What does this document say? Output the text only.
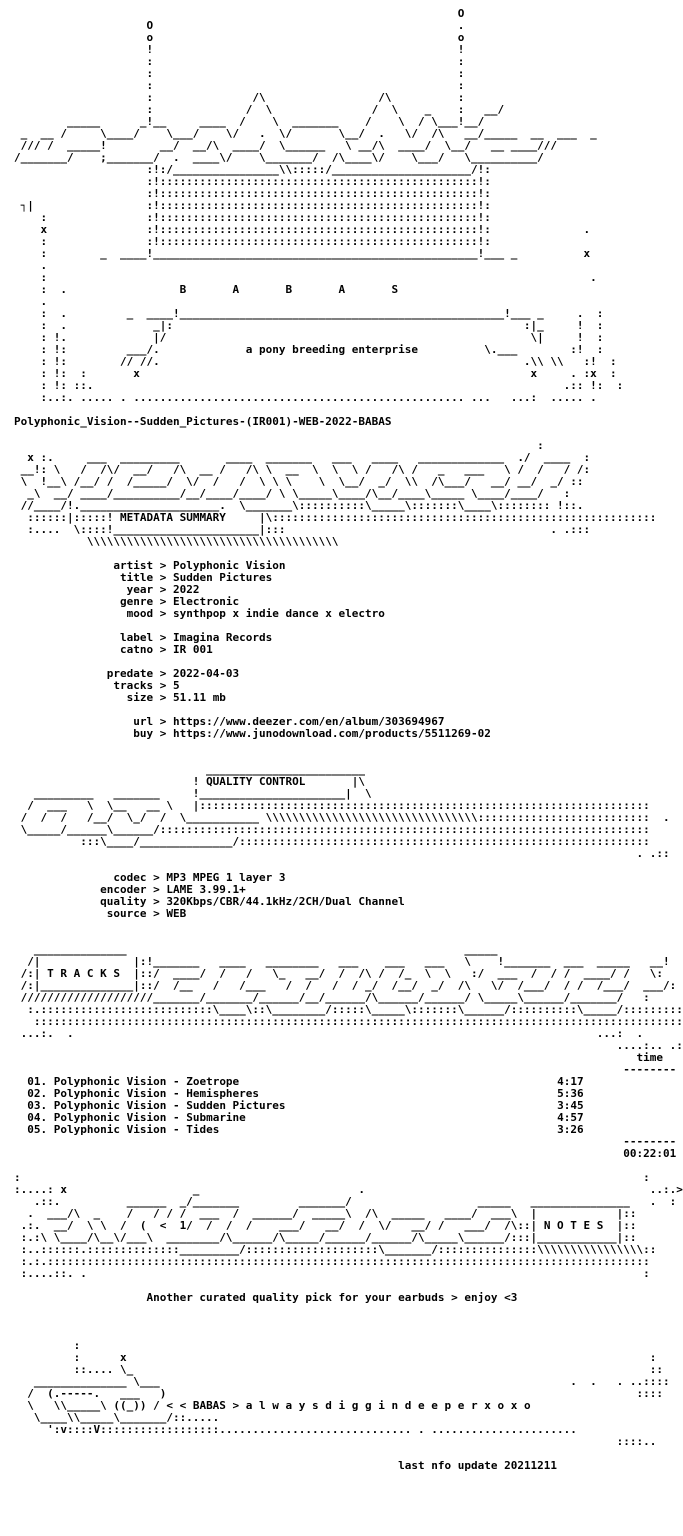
O
O                                              .
o                                              o
!                                              !
:                                              :
:                                              :
:                                              :
:               /\                 /\          :
:              /  \               /  \    _    :   __/
_____      _!__     ____  /    \  _______    /    \  / \___!__/
_  __ /     \____/    \___/    \/   .  \/       \__/  .   \/  /\   __/_____  __  ___  _
/// /  _____!        __/  __/\  ____/  \______   \ __/\  ____/  \__/   __ ____///
/_______/    ;_______/  .  ____\/    \_______/  /\____\/    \___/   \__________/
:!:/________________\\:::::/_____________________/!:
:!::::::::::::::::::::::::::::::::::::::::::::::::!:
:!::::::::::::::::::::::::::::::::::::::::::::::::!:
┐|                 :!::::::::::::::::::::::::::::::::::::::::::::::::!:
:               :!::::::::::::::::::::::::::::::::::::::::::::::::!:
x               :!::::::::::::::::::::::::::::::::::::::::::::::::!:              .
:               :!::::::::::::::::::::::::::::::::::::::::::::::::!:
:        _  ____!_________________________________________________!___ _          x
.
:                                                                                  .
:  .	B       A       B       A       S
.
:  .         _  ____!_________________________________________________!___ _     .  :
:  .             _|:                                                     :|_     !  :
: !.             |/                                                       \|     !  :
: !:         ___/.	a pony breeding enterprise	\.___        :!  :
: !:        // //.                                                       .\\ \\   :!  :
: !:  :       x                                                           x     . :x  :
: !: ::.                                                                       .:: !:  :
:..:. ..... . .................................................. ...   ...:  ..... .

Polyphonic_Vision--Sudden_Pictures-(IR001)-WEB-2022-BABAS

:
x :.     ___  _________       ____  _______   ___   ____   _____________  ./  ____  :
__!: \   /  /\/  __/   /\  __ /   /\ \  __  \  \  \ /   /\ /   _   ___   \ /  /   / /:
\  !__\ /__/ /  /_____/  \/  /   /  \ \ \    \  \__/  _/  \\  /\___/   __/ __/  _/ ::
_\  __/ ____/__________/__/____/____/ \ \_____\____/\__/____\_____ \____/____/   :
//____/!._____________________.  \_______\::::::::::\_____\:::::::\____\:::::::: !::.
::::::|:::::! METADATA SUMMARY	|\::::::::::::::::::::::::::::::::::::::::::::::::::::::::::
:....  \::::!______________________|:::                                        . .:::
\\\\\\\\\\\\\\\\\\\\\\\\\\\\\\\\\\\\\\

artist > Polyphonic Vision
title > Sudden Pictures
year > 2022
genre > Electronic
mood > synthpop x indie dance x electro

label > Imagina Records
catno > IR 001

predate > 2022-04-03
tracks > 5
size > 51.11 mb

url > https://www.deezer.com/en/album/303694967
buy > https://www.junodownload.com/products/5511269-02

________________________
! QUALITY CONTROL	|\
_________   _______     !______________________|  \
/  ___   \  \__   __ \   |::::::::::::::::::::::::::::::::::::::::::::::::::::::::::::::::::::
/  /  /   /__/  \_/  /  \___________ \\\\\\\\\\\\\\\\\\\\\\\\\\\\\\\\::::::::::::::::::::::::::  .
\_____/______\______/::::::::::::::::::::::::::::::::::::::::::::::::::::::::::::::::::::::::::
:::\____/______________/::::::::::::::::::::::::::::::::::::::::::::::::::::::::::::::
. .::

codec > MP3 MPEG 1 layer 3
encoder > LAME 3.99.1+
quality > 320Kbps/CBR/44.1kHz/2CH/Dual Channel
source > WEB

______________                                                   _____
/|              |:!_______   ____   ________   ___    ___   ___   \    !_______  ___  _____   __!
/:| T R A C K S  |::/  ____/  /   /   \_   __/  /  /\ /  /_  \  \   :/  ___  /  / /  ____/ /   \:
/:|______________|::/  /__   /   /___   /  /   /  / _/  /__/  _/  /\   \/  /___/  / /  /___/  ___/:
////////////////////_______/_______/______/__/______/\______/______/ \_____\______/_______/   :
:.::::::::::::::::::::::::::\____\::\________/:::::\_____\:::::::\______/::::::::::\_____/:::::::::
::::::::::::::::::::::::::::::::::::::::::::::::::::::::::::::::::::::::::::::::::::::::::::::::::
...:.  .                                                                               ...:  .
....:.. .:
time
--------
01. Polyphonic Vision - Zoetrope	4:17
02. Polyphonic Vision - Hemispheres	5:36
03. Polyphonic Vision - Sudden Pictures	3:45
04. Polyphonic Vision - Submarine	4:57
05. Polyphonic Vision - Tides	3:26
--------
00:22:01

:                                                                                              :
:....: x                   _                        .                                           ..:.>
.::.          ______  _/_______         _______/                   _____   _______________   .  :
.  ___/\  _    /   / / /  ___  /  ______/  _____\  /\  _____   ____/  ___\  |            |::
.:.  __/  \ \  /  (  <  1/  /  /  /    ___/   __/  /  \/   __/ /   ___/  /\::| N O T E S  |::
:.:\ \____/\__\/___\  ________/\______/\_____/______/______/\_____\______/:::|____________|::
:..::::::.::::::::::::::_________/::::::::::::::::::::\_______/:::::::::::::::\\\\\\\\\\\\\\\\::
:.:.:::::::::::::::::::::::::::::::::::::::::::::::::::::::::::::::::::::::::::::::::::::::::::
:....::. .                                                                                    :

Another curated quality pick for your earbuds > enjoy <3

:
:      x                                                                               :
::.... \_                                                                              ::
______________ \___                                                              .  .   . ..::::
/  (.-----.   ___   )                                                                       ::::
\   \\_____\ ((_)) / < < BABAS > a l w a y s d i g g i n d e e p e r x o x o
\____\\_____\_______/::.....
':v::::V::::::::::::::::::............................. . ......................
::::..

last nfo update 20211211
